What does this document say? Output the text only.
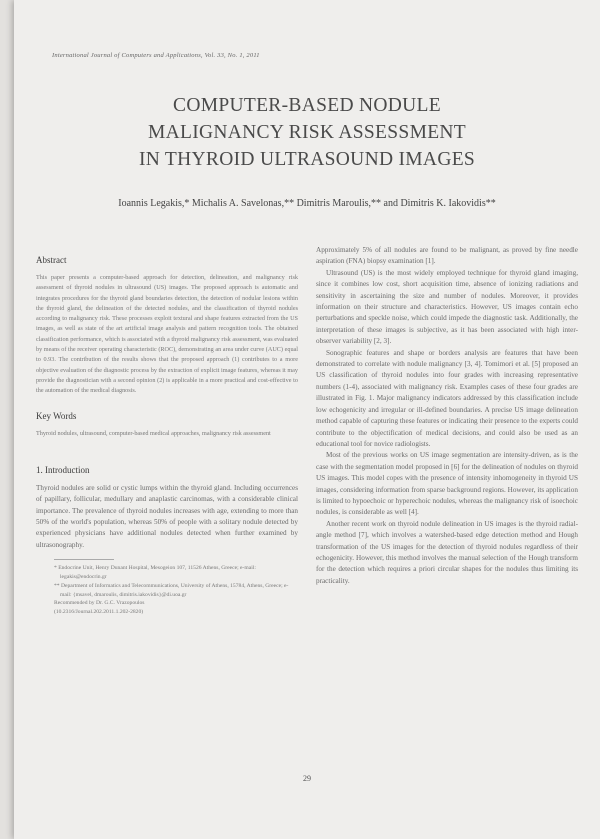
International Journal of Computers and Applications, Vol. 33, No. 1, 2011
COMPUTER-BASED NODULE
MALIGNANCY RISK ASSESSMENT
IN THYROID ULTRASOUND IMAGES
Ioannis Legakis,* Michalis A. Savelonas,** Dimitris Maroulis,** and Dimitris K. Iakovidis**
Abstract

This paper presents a computer-based approach for detection, delineation, and malignancy risk assessment of thyroid nodules in ultrasound (US) images. The proposed approach is automatic and integrates procedures for the thyroid gland boundaries detection, the detection of nodular lesions within the thyroid gland, the delineation of the detected nodules, and the classification of thyroid nodules according to malignancy risk. These processes exploit textural and shape features extracted from the US images, as well as state of the art artificial image analysis and pattern recognition tools. The obtained classification performance, which is associated with a thyroid malignancy risk assessment, was evaluated by means of the receiver operating characteristic (ROC), demonstrating an area under curve (AUC) equal to 0.93. The contribution of the results shows that the proposed approach (1) contributes to a more objective evaluation of the diagnostic process by the extraction of explicit image features, whereas it may provide the diagnostician with a second opinion (2) is applicable in a more practical and cost-effective to the automation of the medical diagnosis.

Key Words

Thyroid nodules, ultrasound, computer-based medical approaches, malignancy risk assessment

1. Introduction

Thyroid nodules are solid or cystic lumps within the thyroid gland. Including occurrences of papillary, follicular, medullary and anaplastic carcinomas, with a considerable clinical importance. The prevalence of thyroid nodules increases with age, extending to more than 50% of the world's population, whereas 50% of people with a solitary nodule detected by experienced physicians have additional nodules detected when further examined by ultrasonography.

* Endocrine Unit, Henry Dunant Hospital, Mesogeion 107, 11526 Athens, Greece; e-mail: legakis@endocrin.gr
** Department of Informatics and Telecommunications, University of Athens, 15784, Athens, Greece; e-mail: {msavel, dmaroulis, dimitris.iakovidis}@di.uoa.gr
Recommended by Dr. G.C. Vrazopoulos
(10.2316/Journal.202.2011.1.202-2820)

Approximately 5% of all nodules are found to be malignant, as proved by fine needle aspiration (FNA) biopsy examination [1].

Ultrasound (US) is the most widely employed technique for thyroid gland imaging, since it combines low cost, short acquisition time, absence of ionizing radiations and sensitivity in ascertaining the size and number of nodules. Moreover, it provides information on their structure and characteristics. However, US images contain echo perturbations and speckle noise, which could impede the diagnostic task. Additionally, the interpretation of these images is subjective, as it has been associated with high inter-observer variability [2, 3].

Sonographic features and shape or borders analysis are features that have been demonstrated to correlate with nodule malignancy [3, 4]. Tomimori et al. [5] proposed an US classification of thyroid nodules into four grades with increasing representative numbers (1-4), associated with malignancy risk. Examples cases of these four grades are illustrated in Fig. 1. Major malignancy indicators addressed by this classification include low echogenicity and irregular or ill-defined boundaries. A precise US image delineation method capable of capturing these features or indicating their presence to the experts could contribute to the objectification of medical decisions, and could also be used as an educational tool for novice radiologists.

Most of the previous works on US image segmentation are intensity-driven, as is the case with the segmentation model proposed in [6] for the delineation of nodules on thyroid US images. This model copes with the presence of intensity inhomogeneity in thyroid US images, considering information from sparse background regions. However, its application is limited to hypoechoic or hyperechoic nodules, whereas the malignancy risk of isoechoic nodules, is considerable as well [4].

Another recent work on thyroid nodule delineation in US images is the thyroid radial-angle method [7], which involves a watershed-based edge detection method and Hough transformation of the US images for the detection of thyroid nodules regardless of their echogenicity. However, this method involves the manual selection of the Hough transform for the detection which requires a priori circular shapes for the nodules thus limiting its practicality.

29
